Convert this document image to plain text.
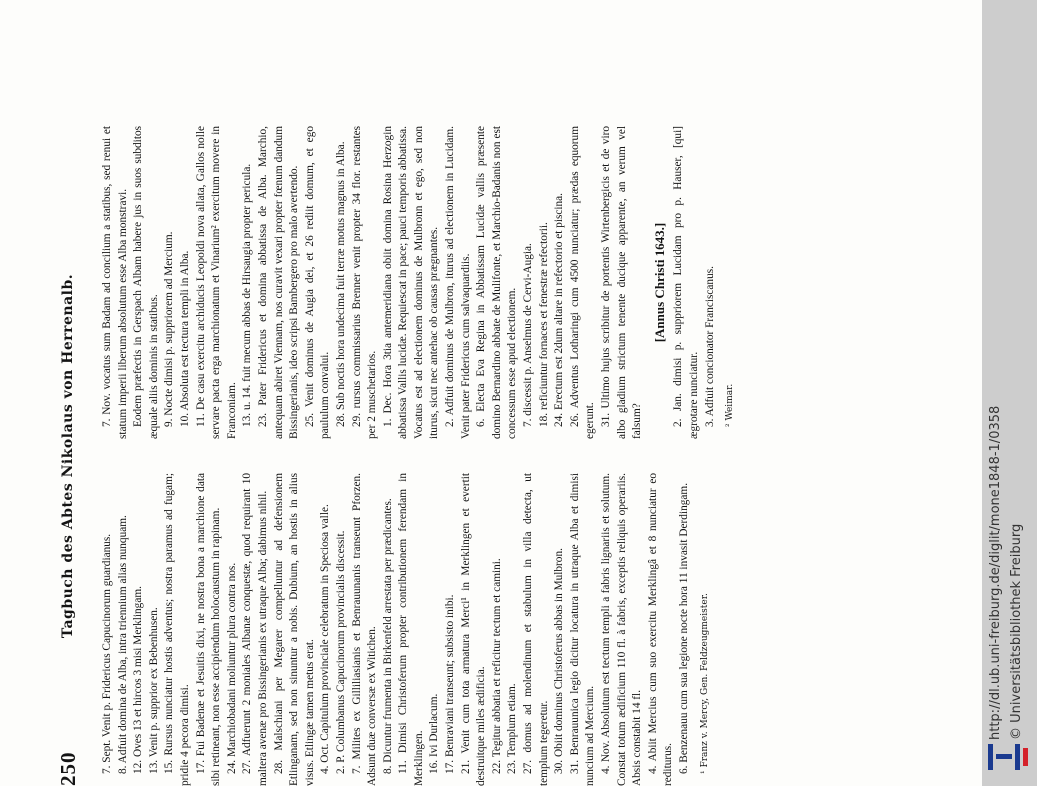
250
Tagbuch des Abtes Nikolaus von Herrenalb.

7. Sept. Venit p. Fridericus Capucinorum guardianus. 8. Adfuit domina de Alba, intra triennium alias nunquam. 12. Oves 13 et hircos 3 misi Merklingam. 13. Venit p. supprior ex Bebenhusen. 15. Rursus nunciatur hostis adventus; nostra paramus ad fugam; pridie 4 pecora dimisi. 17. Fui Badenæ et Jesuitis dixi, ne nostra bona a marchione data sibi retineant, non esse accipiendum holocaustum in rapinam. 24. Marchiobadani moliuntur plura contra nos. 27. Adfuerunt 2 moniales Albanæ conquestæ, quod requirant 10 maltera avenæ pro Bissingerianis ex utraque Alba; dabimus nihil. 28. Malschiani per Megarer compelluntur ad defensionem Etlinganam, sed non sinuntur a nobis. Dubium, an hostis in alius visus. Etlingæ tamen metus erat. 4. Oct. Capitulum provinciale celebratum in Speciosa valle. 2. P. Columbanus Capucinorum provincialis discessit. 7. Milites ex Gilliliasianis et Benrauunanis transeunt Pforzen. Adsunt duæ conversæ ex Witichen. 8. Dicuntur frumenta in Birkenfeld arrestata per prædicantes. 11. Dimisi Christoferum propter contributionem ferendam in Merklingen. 16. Ivi Durlacum. 17. Benraviani transeunt; subsisto inibi. 21. Venit cum tota armatura Merci¹ in Merklingen et evertit destruitque miles ædificia. 22. Tegitur abbatia et reficitur tectum et camini. 23. Templum etiam. 27. domus ad molendinum et stabulum in villa detecta, ut templum tegeretur. 30. Obiit dominus Christoferus abbas in Mulbron. 31. Benrauunica legio dicitur locatura in utraque Alba et dimisi nuncium ad Mercium. 4. Nov. Absolutum est tectum templi a fabris lignariis et solutum. Constat totum ædificium 110 fl. à fabris, exceptis reliquis operariis. Absis constabit 14 fl. 4. Abiit Mercius cum suo exercitu Merklingâ et 8 nunciatur eo rediturus. 6. Benzenauu cum sua legione nocte hora 11 invasit Derdingam. ¹ Franz v. Mercy, Gen. Feldzeugmeister.

7. Nov. vocatus sum Badam ad concilium a statibus, sed renui et statum imperii liberum absolutum esse Alba monstravi. Eodem præfectis in Gerspach Albam habere jus in suos subditos æquale aliis dominis in statibus. 9. Nocte dimisi p. suppriorem ad Mercium. 10. Absoluta est tectura templi in Alba. 11. De casu exercitu archiducis Leopoldi nova allata, Gallos nolle servare pacta erga marchionatum et Vinarium² exercitum movere in Franconiam. 13. u. 14. fuit mecum abbas de Hirsaugia propter pericula. 23. Pater Fridericus et domina abbatissa de Alba. Marchio, antequam abiret Viennam, nos curavit vexari propter fœnum dandum Bissingerianis, ideo scripsi Bambergero pro malo avertendo. 25. Venit dominus de Augia dei, et 26 rediit domum, et ego paululum convalui. 28. Sub noctis hora undecima fuit terræ motus magnus in Alba. 29. rursus commissarius Brenner venit propter 34 flor. restantes per 2 muschetarios. 1. Dec. Hora 3tia antemeridiana obiit domina Rosina Herzogin abbatissa Vallis lucidæ. Requiescat in pace; pauci temporis abbatissa. Vocatus est ad electionem dominus de Mulbronn et ego, sed non iturus, sicut nec antehac ob causas prægnantes. 2. Adfuit dominus de Mulbron, iturus ad electionem in Lucidam. Venit pater Fridericus cum salvaquardiis. 6. Electa Eva Regina in Abbatissam Lucidæ vallis præsente domino Bernardino abbate de Mulifonte, et Marchio-Badanis non est concessum esse apud electionem. 7. discessit p. Anselmus de Cervi-Augia. 18. reficiuntur fornaces et fenestræ refectorii. 24. Erectum est 2dum altare in refectorio et piscina. 26. Adventus Lotharingi cum 4500 nunciatur; prædas equorum egerunt. 31. Ultimo hujus scribitur de portentis Wirtenbergicis et de viro albo gladium strictum tenente ducique apparente, an verum vel falsum?

[Annus Christi 1643.] 2. Jan. dimisi p. suppriorem Lucidam pro p. Hauser, [qui] ægrotare nunciatur. 3. Adfuit concionator Franciscanus. ² Weimar.

http://dl.ub.uni-freiburg.de/diglit/mone1848-1/0358 © Universitätsbibliothek Freiburg
